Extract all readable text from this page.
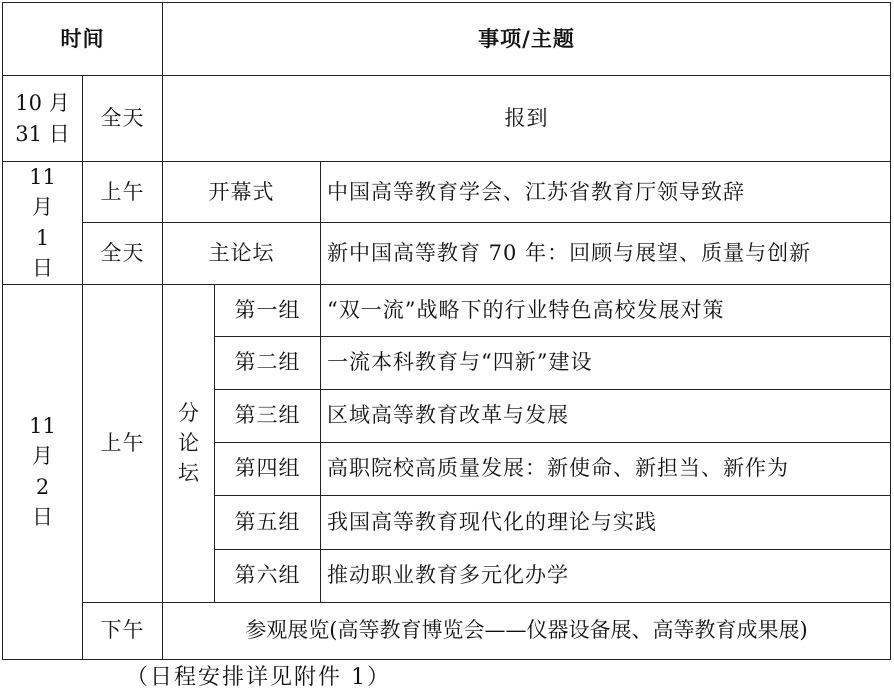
时间		事项/主题		
10 月 31 日	全天	报到		
11 月 1 日	上午	开幕式		中国高等教育学会、江苏省教育厅领导致辞
	全天	主论坛		新中国高等教育 70 年：回顾与展望、质量与创新
11 月 2 日	上午	分论坛	第一组	“双一流”战略下的行业特色高校发展对策
			第二组	一流本科教育与“四新”建设
			第三组	区域高等教育改革与发展
			第四组	高职院校高质量发展：新使命、新担当、新作为
			第五组	我国高等教育现代化的理论与实践
			第六组	推动职业教育多元化办学
	下午	参观展览(高等教育博览会——仪器设备展、高等教育成果展)		
（日程安排详见附件 1）
